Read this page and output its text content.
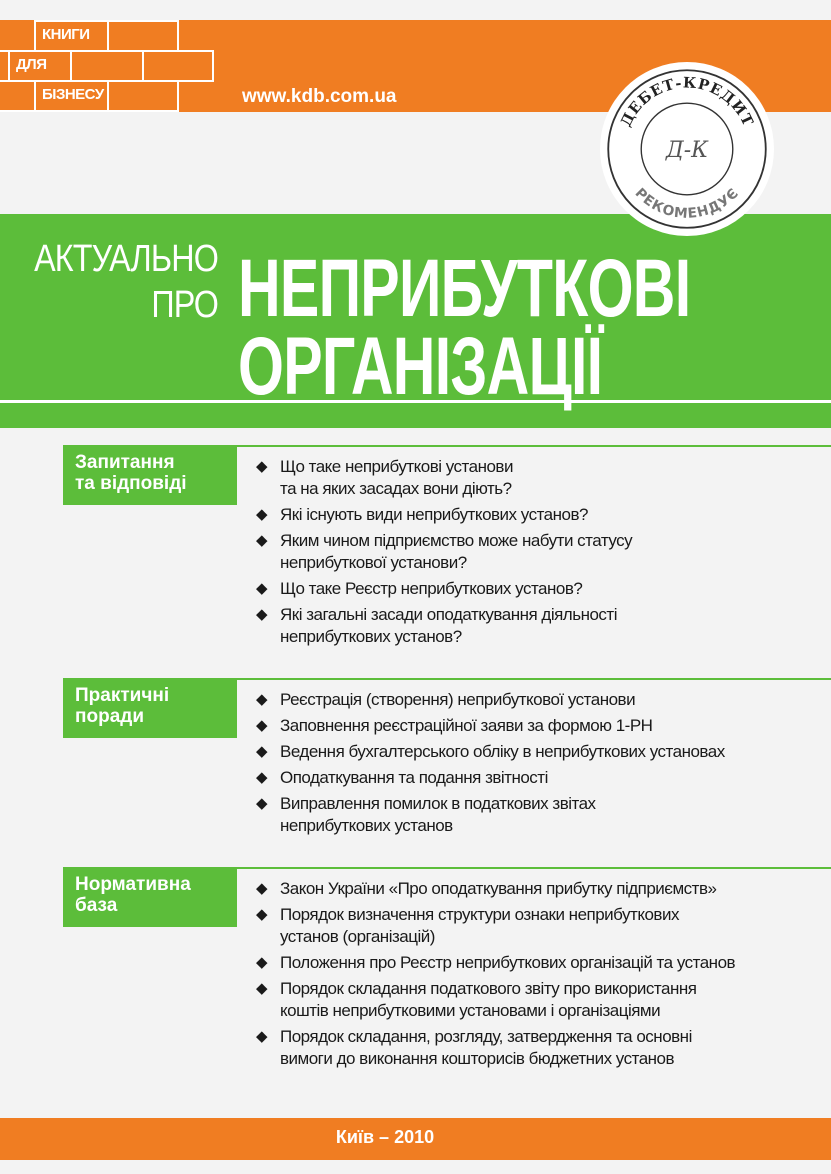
КНИГИ
ДЛЯ
БІЗНЕСУ	www.kdb.com.ua
АКТУАЛЬНО
ПРО НЕПРИБУТКОВІ
ОРГАНІЗАЦІЇ
ДЕБЕТ-КРЕДИТ
РЕКОМЕНДУЄ
Д-К
Запитання
та відповіді
◆ Що таке неприбуткові установи
та на яких засадах вони діють?
◆ Які існують види неприбуткових установ?
◆ Яким чином підприємство може набути статусу
неприбуткової установи?
◆ Що таке Реєстр неприбуткових установ?
◆ Які загальні засади оподаткування діяльності
неприбуткових установ?
Практичні
поради
◆ Реєстрація (створення) неприбуткової установи
◆ Заповнення реєстраційної заяви за формою 1-РН
◆ Ведення бухгалтерського обліку в неприбуткових установах
◆ Оподаткування та подання звітності
◆ Виправлення помилок в податкових звітах
неприбуткових установ
Нормативна
база
◆ Закон України «Про оподаткування прибутку підприємств»
◆ Порядок визначення структури ознаки неприбуткових
установ (організацій)
◆ Положення про Реєстр неприбуткових організацій та установ
◆ Порядок складання податкового звіту про використання
коштів неприбутковими установами і організаціями
◆ Порядок складання, розгляду, затвердження та основні
вимоги до виконання кошторисів бюджетних установ
Київ – 2010
